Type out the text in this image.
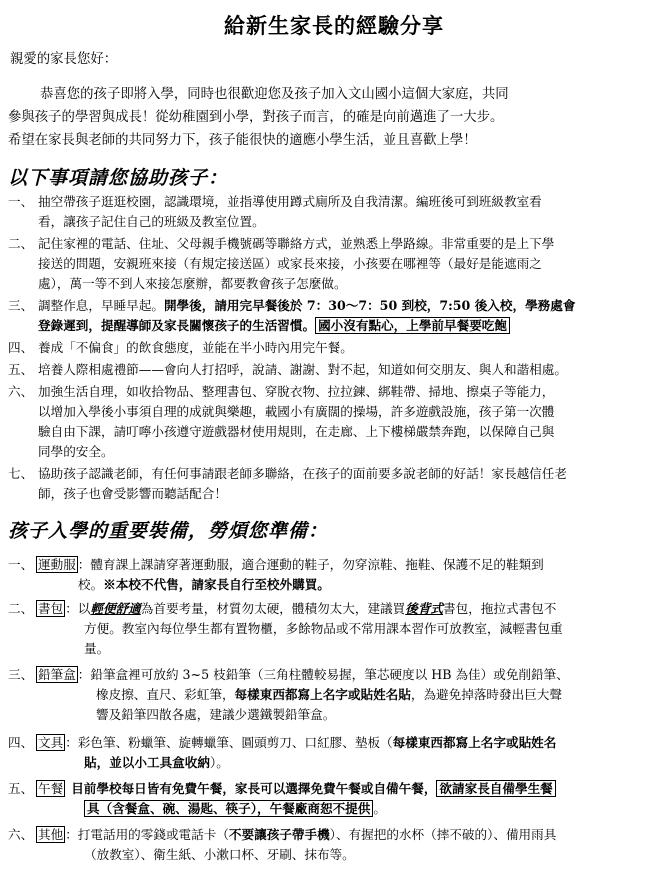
給新生家長的經驗分享
親愛的家長您好：
恭喜您的孩子即將入學，同時也很歡迎您及孩子加入文山國小這個大家庭，共同
參與孩子的學習與成長！從幼稚園到小學，對孩子而言，的確是向前邁進了一大步。
希望在家長與老師的共同努力下，孩子能很快的適應小學生活，並且喜歡上學！
以下事項請您協助孩子：
一、 抽空帶孩子逛逛校園，認識環境，並指導使用蹲式廁所及自我清潔。編班後可到班級教室看
看，讓孩子記住自己的班級及教室位置。
二、 記住家裡的電話、住址、父母親手機號碼等聯絡方式，並熟悉上學路線。非常重要的是上下學
接送的問題，安親班來接（有規定接送區）或家長來接，小孩要在哪裡等（最好是能遮雨之
處），萬一等不到人來接怎麼辦，都要教會孩子怎麼做。
三、 調整作息，早睡早起。開學後，請用完早餐後於 7：30～7：50 到校，7:50 後入校，學務處會
登錄遲到，提醒導師及家長關懷孩子的生活習慣。 國小沒有點心，上學前早餐要吃飽
四、 養成「不偏食」的飲食態度，並能在半小時內用完午餐。
五、 培養人際相處禮節——會向人打招呼，說請、謝謝、對不起，知道如何交朋友、與人和諧相處。
六、 加強生活自理，如收拾物品、整理書包、穿脫衣物、拉拉鍊、綁鞋帶、掃地、擦桌子等能力，
以增加入學後小事須自理的成就與樂趣，載國小有廣闊的操場，許多遊戲設施，孩子第一次體
驗自由下課，請叮嚀小孩遵守遊戲器材使用規則，在走廊、上下樓梯嚴禁奔跑，以保障自己與
同學的安全。
七、 協助孩子認識老師，有任何事請跟老師多聯絡，在孩子的面前要多說老師的好話！家長越信任老
師，孩子也會受影響而聽話配合！
孩子入學的重要裝備，勞煩您準備：
一、 運動服 ：體育課上課請穿著運動服，適合運動的鞋子，勿穿涼鞋、拖鞋、保護不足的鞋類到
校。※本校不代售，請家長自行至校外購買。
二、 書包 ：以輕便舒適為首要考量，材質勿太硬，體積勿太大，建議買後背式書包，拖拉式書包不
方便。教室內每位學生都有置物櫃，多餘物品或不常用課本習作可放教室，減輕書包重
量。
三、 鉛筆盒 ：鉛筆盒裡可放約 3~5 枝鉛筆（三角柱體較易握，筆芯硬度以 HB 為佳）或免削鉛筆、
橡皮擦、直尺、彩虹筆，每樣東西都寫上名字或貼姓名貼，為避免掉落時發出巨大聲
響及鉛筆四散各處，建議少選鐵製鉛筆盒。
四、 文具 ：彩色筆、粉蠟筆、旋轉蠟筆、圓頭剪刀、口紅膠、墊板（每樣東西都寫上名字或貼姓名
貼，並以小工具盒收納）。
五、 午餐 目前學校每日皆有免費午餐，家長可以選擇免費午餐或自備午餐， 欲請家長自備學生餐
具（含餐盒、碗、湯匙、筷子），午餐廠商恕不提供 。
六、 其他 ：打電話用的零錢或電話卡（不要讓孩子帶手機）、有握把的水杯（摔不破的）、備用雨具
（放教室）、衛生紙、小漱口杯、牙刷、抹布等。
